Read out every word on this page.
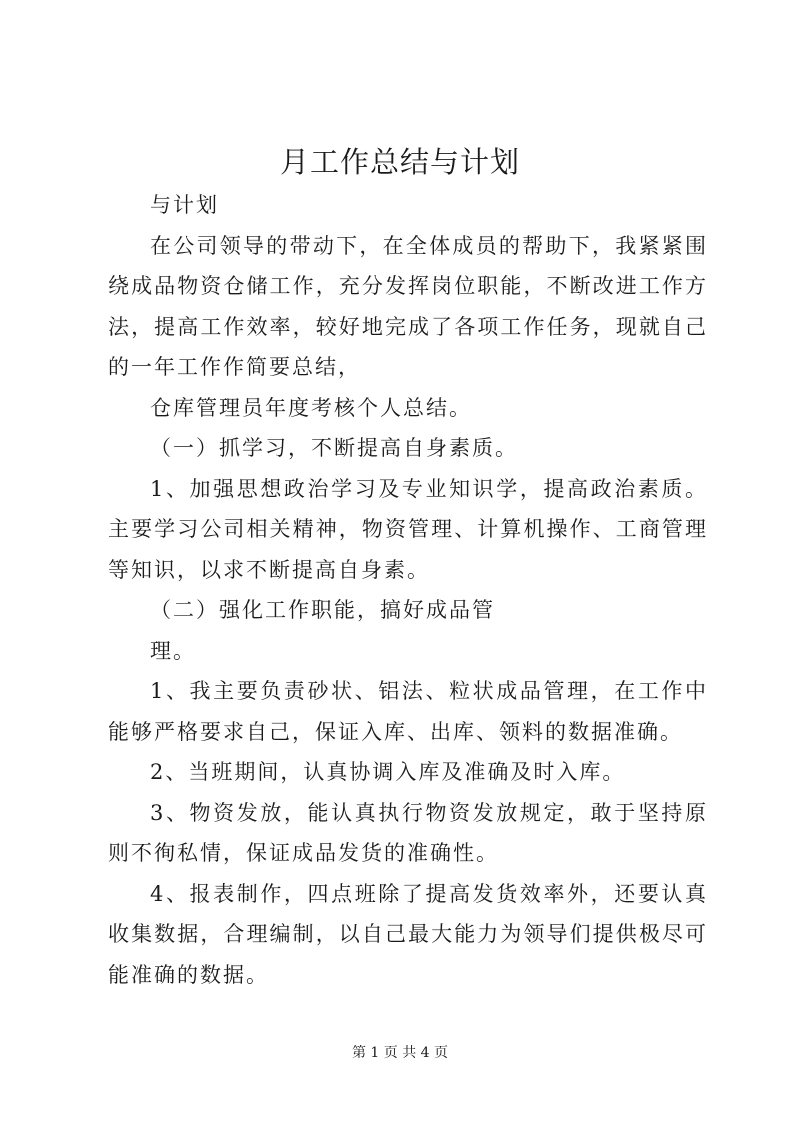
月工作总结与计划

与计划

在公司领导的带动下，在全体成员的帮助下，我紧紧围绕成品物资仓储工作，充分发挥岗位职能，不断改进工作方法，提高工作效率，较好地完成了各项工作任务，现就自己的一年工作作简要总结，

仓库管理员年度考核个人总结。

（一）抓学习，不断提高自身素质。

1、加强思想政治学习及专业知识学，提高政治素质。主要学习公司相关精神，物资管理、计算机操作、工商管理等知识，以求不断提高自身素。

（二）强化工作职能，搞好成品管

理。

1、我主要负责砂状、铝法、粒状成品管理，在工作中能够严格要求自己，保证入库、出库、领料的数据准确。

2、当班期间，认真协调入库及准确及时入库。

3、物资发放，能认真执行物资发放规定，敢于坚持原则不徇私情，保证成品发货的准确性。

4、报表制作，四点班除了提高发货效率外，还要认真收集数据，合理编制，以自己最大能力为领导们提供极尽可能准确的数据。

第 1 页 共 4 页
